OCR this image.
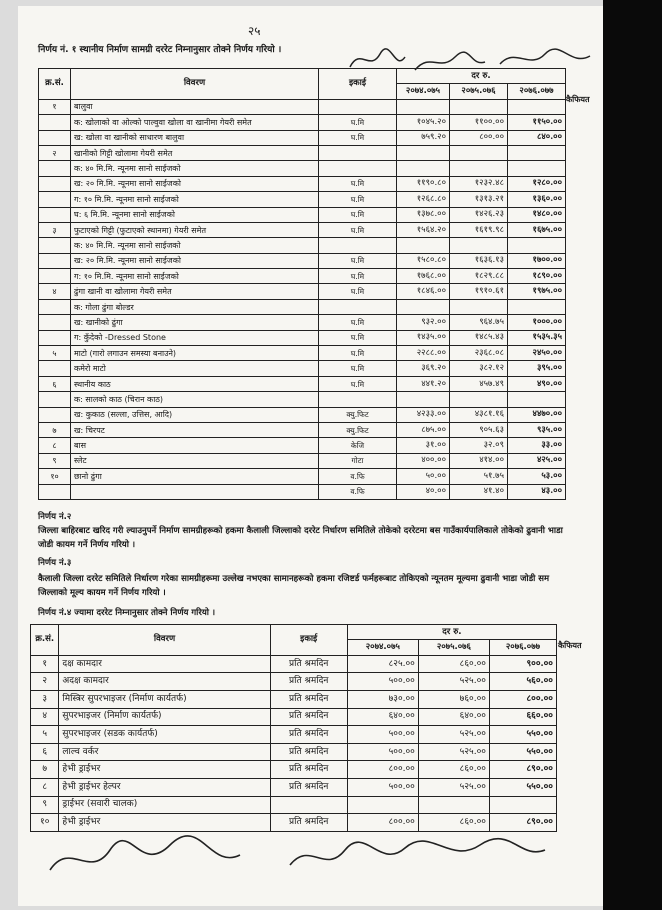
२५
निर्णय नं. १ स्थानीय निर्माण सामग्री दररेट निम्नानुसार तोक्ने निर्णय गरियो ।
क्र.सं.	विवरण	इकाई	दर रु.		
			२०७४.०७५	२०७५.०७६	२०७६.०७७
१	बालुवा				
	क: खोलाको वा ओल्को पाल्वुवा खोला वा खानीमा गेयरी समेत	घ.मि	१०४५.२०	११००.००	११५०.००
	ख: खोला वा खानीको साधारण बालुवा	घ.मि	७५९.२०	८००.००	८४०.००
२	खानीको गिट्टी खोलामा गेयरी समेत				
	क: ४० मि.मि. न्यूनमा सानो साईजको				
	ख: २० मि.मि. न्यूनमा सानो साईजको	घ.मि	११९०.८०	१२३२.४८	१२८०.००
	ग: १० मि.मि. न्यूनमा सानो साईजको	घ.मि	१२६८.८०	१३१३.२१	१३६०.००
	घ: ६ मि.मि. न्यूनमा सानो साईजको	घ.मि	१३७८.००	१४२६.२३	१४८०.००
३	फुटाएको गिट्टी (फुटाएको स्थानमा) गेयरी समेत	घ.मि	१५६४.२०	१६१९.९८	१६७५.००
	क: ४० मि.मि. न्यूनमा सानो साईजको				
	ख: २० मि.मि. न्यूनमा सानो साईजको	घ.मि	१५८०.८०	१६३६.१३	१७००.००
	ग: १० मि.मि. न्यूनमा सानो साईजको	घ.मि	१७६८.००	१८२९.८८	१८९०.००
४	ढुंगा खानी वा खोलामा गेयरी समेत	घ.मि	१८४६.००	१९१०.६१	१९७५.००
	क: गोला ढुंगा बोल्डर				
	ख: खानीको ढुंगा	घ.मि	९३२.००	९६४.७५	१०००.००
	ग: कुँदेको -Dressed Stone	घ.मि	१४३५.००	१४८५.४३	१५३५.३५
५	माटो (गारो लगाउन समस्या बनाउने)	घ.मि	२२८८.००	२३६८.०८	२४५०.००
	कमेरो माटो	घ.मि	३६९.२०	३८२.१२	३९५.००
६	स्थानीय काठ	घ.मि	४४१.२०	४५७.४९	४९०.००
	क: सालको काठ (चिरान काठ)				
	ख: कुकाठ (सल्ला, उत्तिस, आदि)	क्यु.फिट	४२३३.००	४३८१.१६	४४७०.००
७	ख: चिरपट	क्यु.फिट	८७५.००	९०५.६३	९३५.००
८	बास	केजि	३१.००	३२.०९	३३.००
९	स्लेट	गोटा	४००.००	४१४.००	४२५.००
१०	छानो ढुंगा	व.फि	५०.००	५१.७५	५३.००
		व.फि	४०.००	४१.४०	४३.००
कैफियत
निर्णय नं.२
जिल्ला बाहिरबाट खरिद गरी ल्याउनुपर्ने निर्माण सामग्रीहरूको हकमा कैलाली जिल्लाको दररेट निर्धारण समितिले तोकेको दररेटमा बस गाउँकार्यपालिकाले तोकेको ढुवानी भाडा जोडी कायम गर्ने निर्णय गरियो ।
निर्णय नं.३
कैलाली जिल्ला दररेट समितिले निर्धारण गरेका सामग्रीहरूमा उल्लेख नभएका सामानहरूको हकमा रजिष्टर्ड फर्महरूबाट तोकिएको न्यूनतम मूल्यमा ढुवानी भाडा जोडी सम जिल्लाको मूल्य कायम गर्ने निर्णय गरियो ।
निर्णय नं.४ ज्यामा दररेट निम्नानुसार तोक्ने निर्णय गरियो ।
क्र.सं.	विवरण	इकाई	दर रु.		
			२०७४.०७५	२०७५.०७६	२०७६.०७७
१	दक्ष कामदार	प्रति श्रमदिन	८२५.००	८६०.००	९००.००
२	अदक्ष कामदार	प्रति श्रमदिन	५००.००	५२५.००	५६०.००
३	मिस्त्रिर सुपरभाइजर (निर्माण कार्यतर्फ)	प्रति श्रमदिन	७३०.००	७६०.००	८००.००
४	सुपरभाइजर (निर्माण कार्यतर्फ)	प्रति श्रमदिन	६४०.००	६४०.००	६६०.००
५	सुपरभाइजर (सडक कार्यतर्फ)	प्रति श्रमदिन	५००.००	५२५.००	५५०.००
६	लाल्व वर्कर	प्रति श्रमदिन	५००.००	५२५.००	५५०.००
७	हेभी ड्राईभर	प्रति श्रमदिन	८००.००	८६०.००	८९०.००
८	हेभी ड्राईभर हेल्पर	प्रति श्रमदिन	५००.००	५२५.००	५५०.००
९	ड्राईभर (सवारी चालक)				
१०	हेभी ड्राईभर	प्रति श्रमदिन	८००.००	८६०.००	८९०.००
कैफियत
